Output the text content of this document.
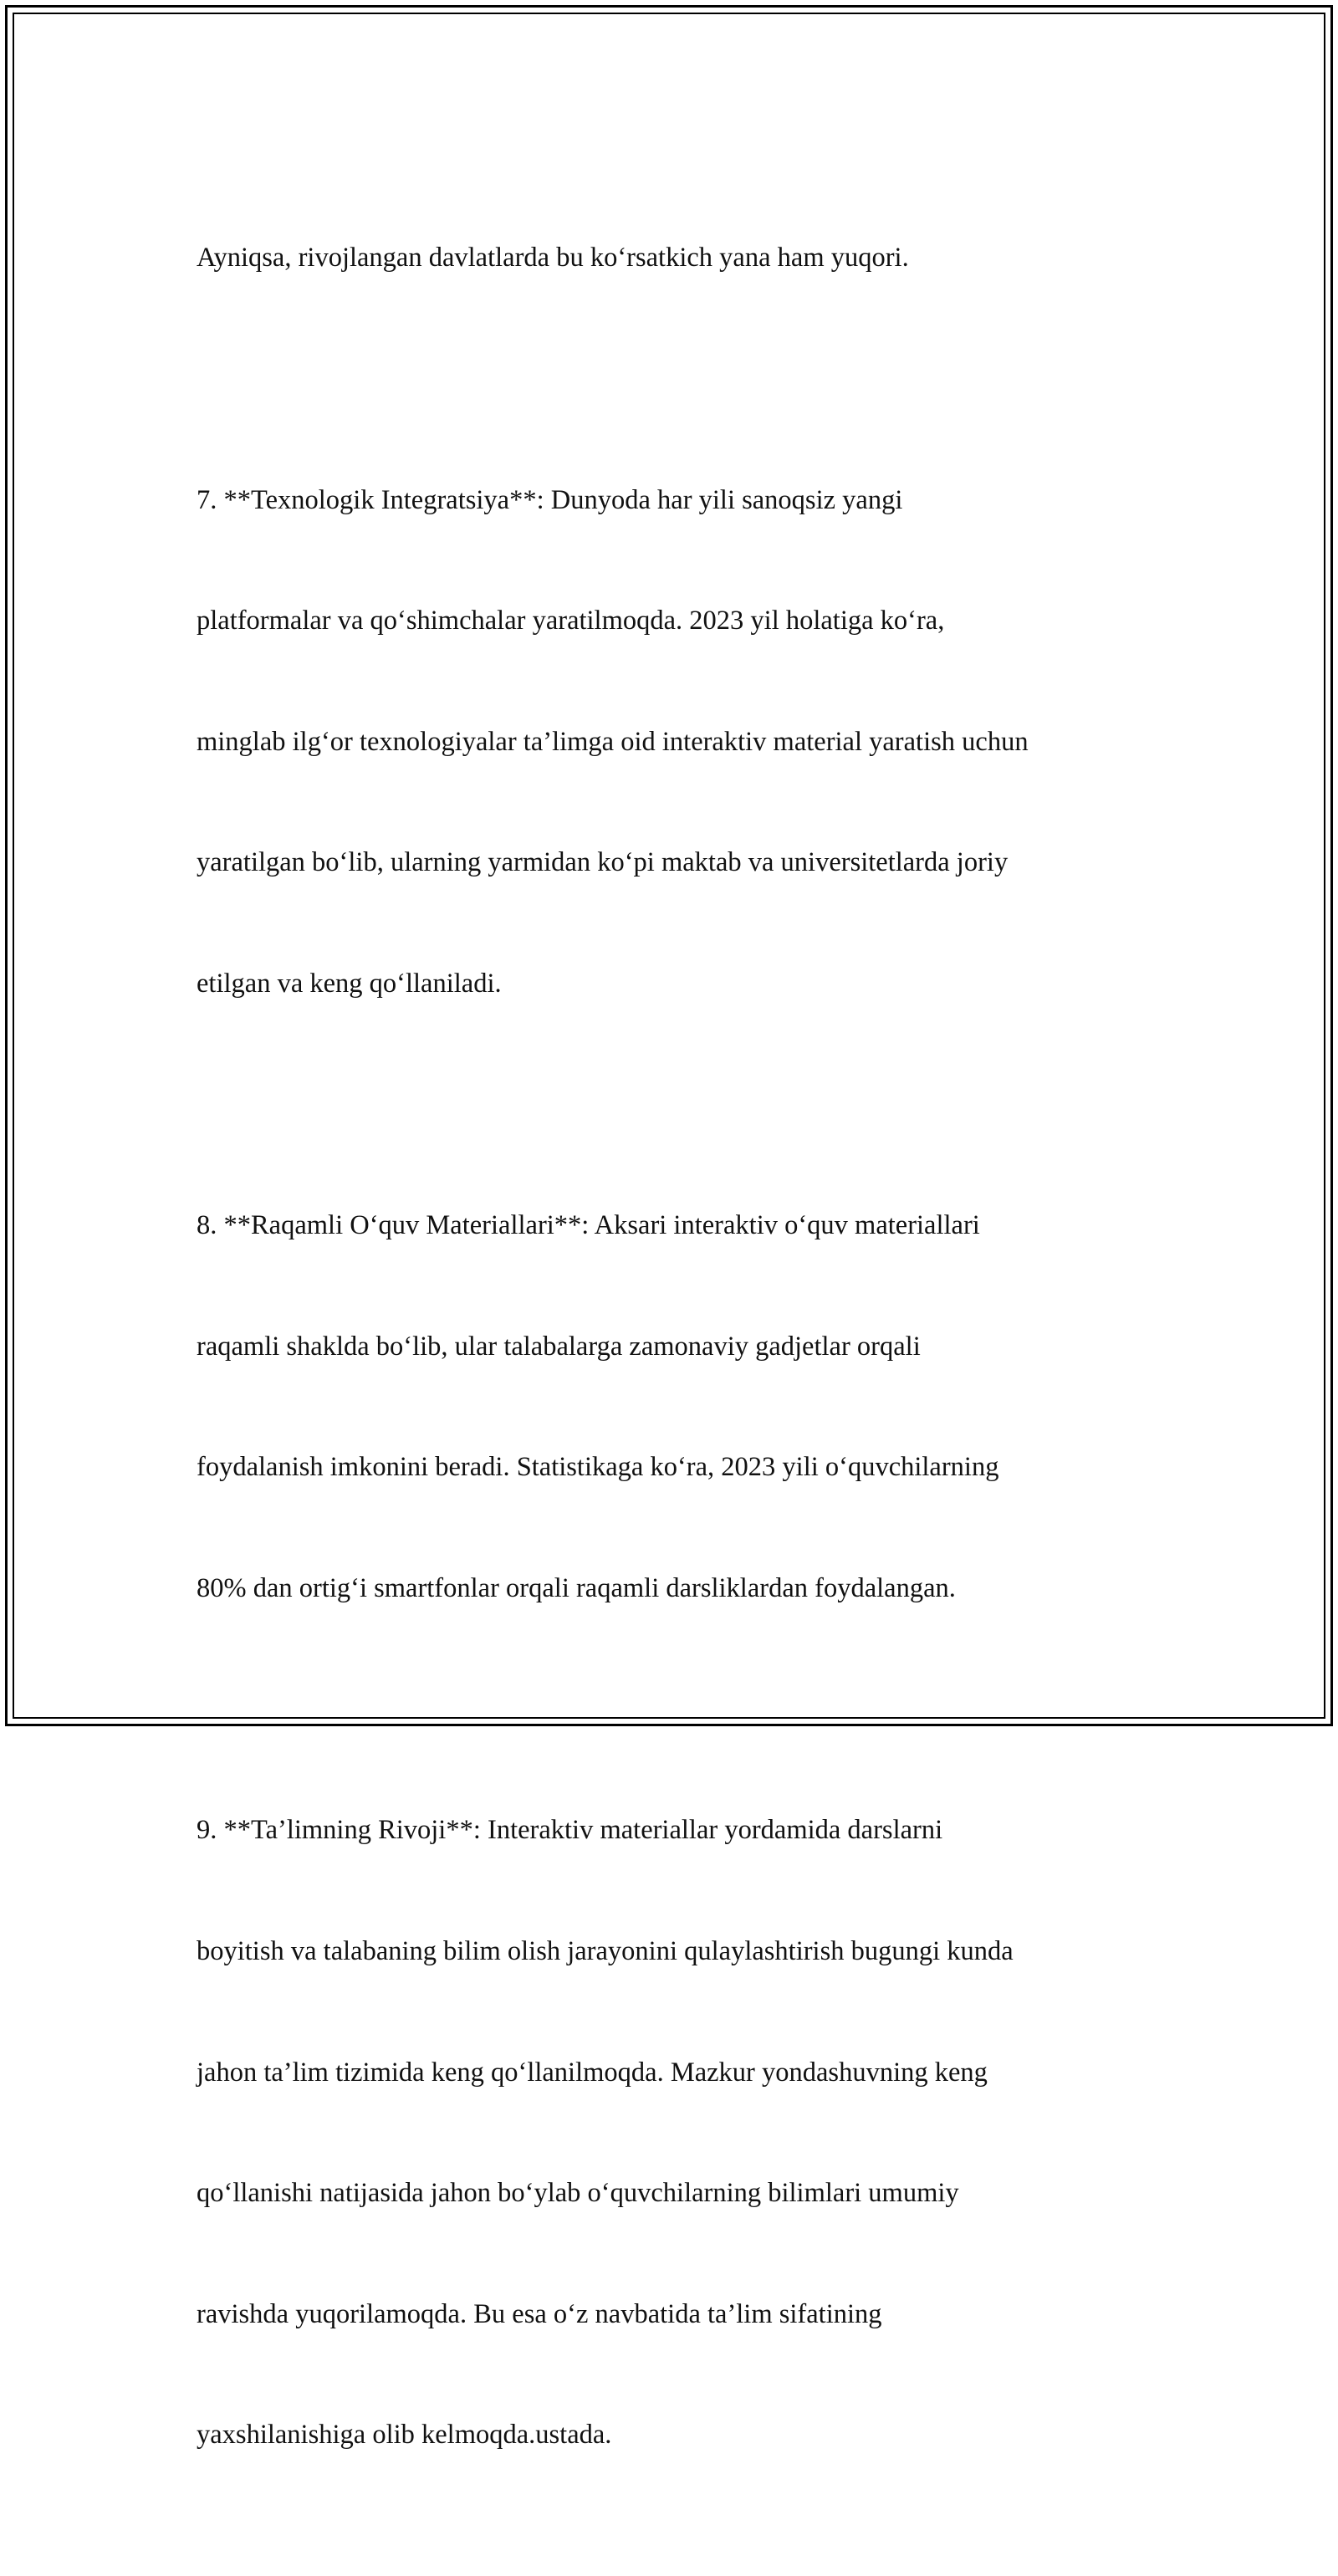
Ayniqsa, rivojlangan davlatlarda bu koʻrsatkich yana ham yuqori.

7. **Texnologik Integratsiya**: Dunyoda har yili sanoqsiz yangi

platformalar va qoʻshimchalar yaratilmoqda. 2023 yil holatiga koʻra,

minglab ilgʻor texnologiyalar ta’limga oid interaktiv material yaratish uchun

yaratilgan boʻlib, ularning yarmidan koʻpi maktab va universitetlarda joriy

etilgan va keng qoʻllaniladi.

8. **Raqamli Oʻquv Materiallari**: Aksari interaktiv oʻquv materiallari

raqamli shaklda boʻlib, ular talabalarga zamonaviy gadjetlar orqali

foydalanish imkonini beradi. Statistikaga koʻra, 2023 yili oʻquvchilarning

80% dan ortigʻi smartfonlar orqali raqamli darsliklardan foydalangan.

9. **Ta’limning Rivoji**: Interaktiv materiallar yordamida darslarni

boyitish va talabaning bilim olish jarayonini qulaylashtirish bugungi kunda

jahon ta’lim tizimida keng qoʻllanilmoqda. Mazkur yondashuvning keng

qoʻllanishi natijasida jahon boʻylab oʻquvchilarning bilimlari umumiy

ravishda yuqorilamoqda. Bu esa oʻz navbatida ta’lim sifatining

yaxshilanishiga olib kelmoqda.ustada.
